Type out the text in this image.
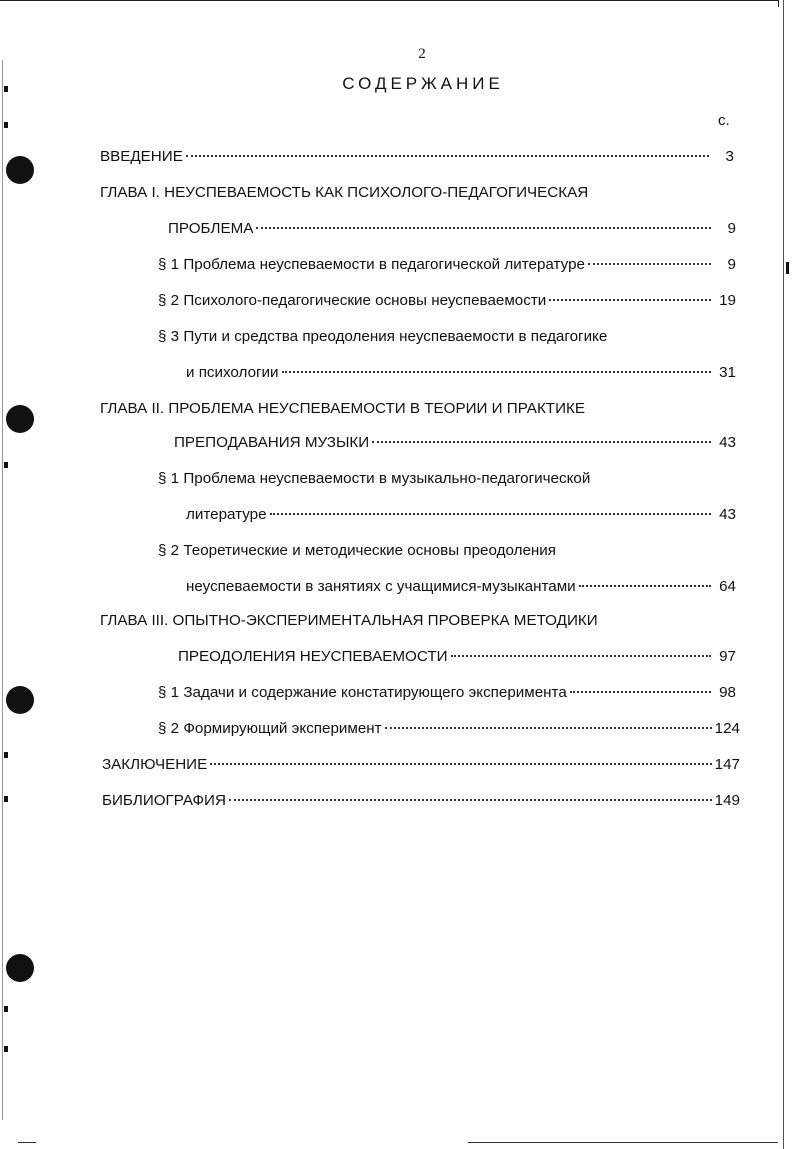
2
СОДЕРЖАНИЕ
с.
ВВЕДЕНИЕ	3
ГЛАВА I. НЕУСПЕВАЕМОСТЬ КАК ПСИХОЛОГО-ПЕДАГОГИЧЕСКАЯ
ПРОБЛЕМА	9
§ 1 Проблема неуспеваемости в педагогической литературе	9
§ 2 Психолого-педагогические основы неуспеваемости	19
§ 3 Пути и средства преодоления неуспеваемости в педагогике
и психологии	31
ГЛАВА II. ПРОБЛЕМА НЕУСПЕВАЕМОСТИ В ТЕОРИИ И ПРАКТИКЕ
ПРЕПОДАВАНИЯ МУЗЫКИ	43
§ 1 Проблема неуспеваемости в музыкально-педагогической
литературе	43
§ 2 Теоретические и методические основы преодоления
неуспеваемости в занятиях с учащимися-музыкантами	64
ГЛАВА III. ОПЫТНО-ЭКСПЕРИМЕНТАЛЬНАЯ ПРОВЕРКА МЕТОДИКИ
ПРЕОДОЛЕНИЯ НЕУСПЕВАЕМОСТИ	97
§ 1 Задачи и содержание констатирующего эксперимента	98
§ 2 Формирующий эксперимент	124
ЗАКЛЮЧЕНИЕ	147
БИБЛИОГРАФИЯ	149
